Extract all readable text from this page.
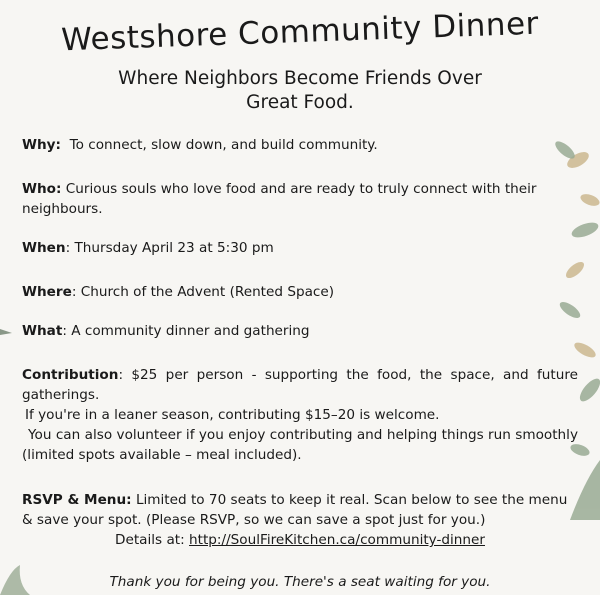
Westshore Community Dinner
Where Neighbors Become Friends Over
Great Food.
Why: To connect, slow down, and build community.
Who: Curious souls who love food and are ready to truly connect with their neighbours.
When: Thursday April 23 at 5:30 pm
Where: Church of the Advent (Rented Space)
What: A community dinner and gathering
Contribution: $25 per person - supporting the food, the space, and future gatherings.
If you're in a leaner season, contributing $15–20 is welcome.
You can also volunteer if you enjoy contributing and helping things run smoothly (limited spots available – meal included).
RSVP & Menu: Limited to 70 seats to keep it real. Scan below to see the menu & save your spot. (Please RSVP, so we can save a spot just for you.)
Details at: http://SoulFireKitchen.ca/community-dinner
Thank you for being you. There's a seat waiting for you.
